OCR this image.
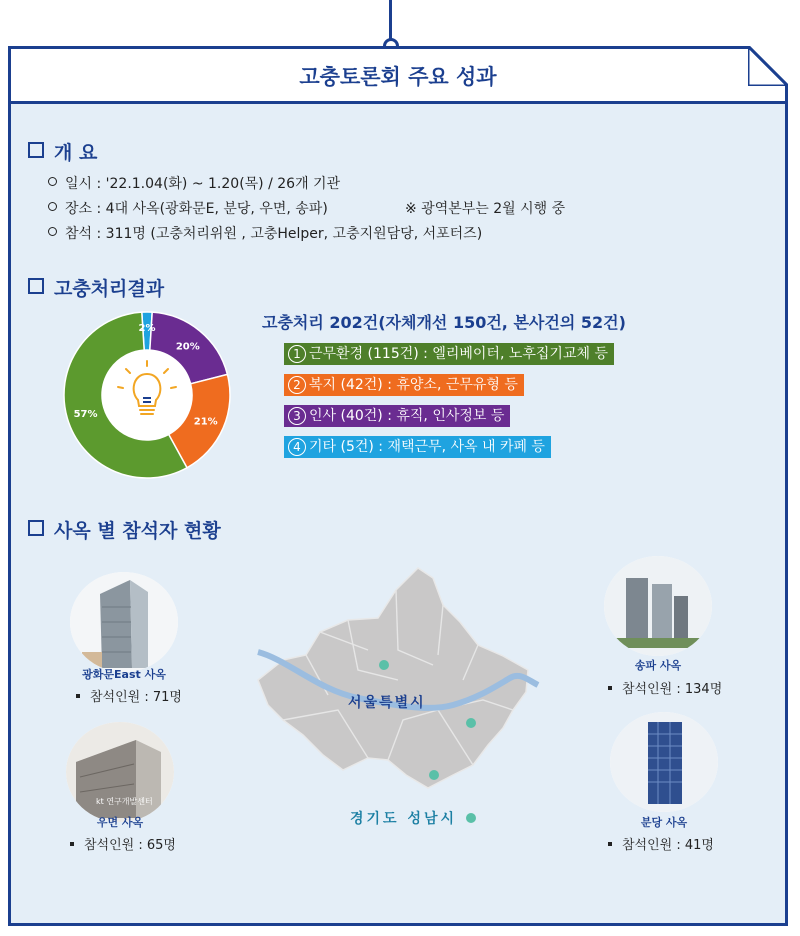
고충토론회 주요 성과
개 요
일시 : '22.1.04(화) ~ 1.20(목) / 26개 기관
장소 : 4대 사옥(광화문E, 분당, 우면, 송파)	※ 광역본부는 2월 시행 중
참석 : 311명 (고충처리위원 , 고충Helper, 고충지원담당, 서포터즈)
고충처리결과
2%
20%
21%
57%
고충처리 202건(자체개선 150건, 본사건의 52건)
1 근무환경 (115건) : 엘리베이터, 노후집기교체 등
2 복지 (42건) : 휴양소, 근무유형 등
3 인사 (40건) : 휴직, 인사정보 등
4 기타 (5건) : 재택근무, 사옥 내 카페 등
사옥 별 참석자 현황
서울특별시
경기도 성남시
광화문East 사옥
참석인원 : 71명
kt 연구개발센터
우면 사옥
참석인원 : 65명
송파 사옥
참석인원 : 134명
분당 사옥
참석인원 : 41명
